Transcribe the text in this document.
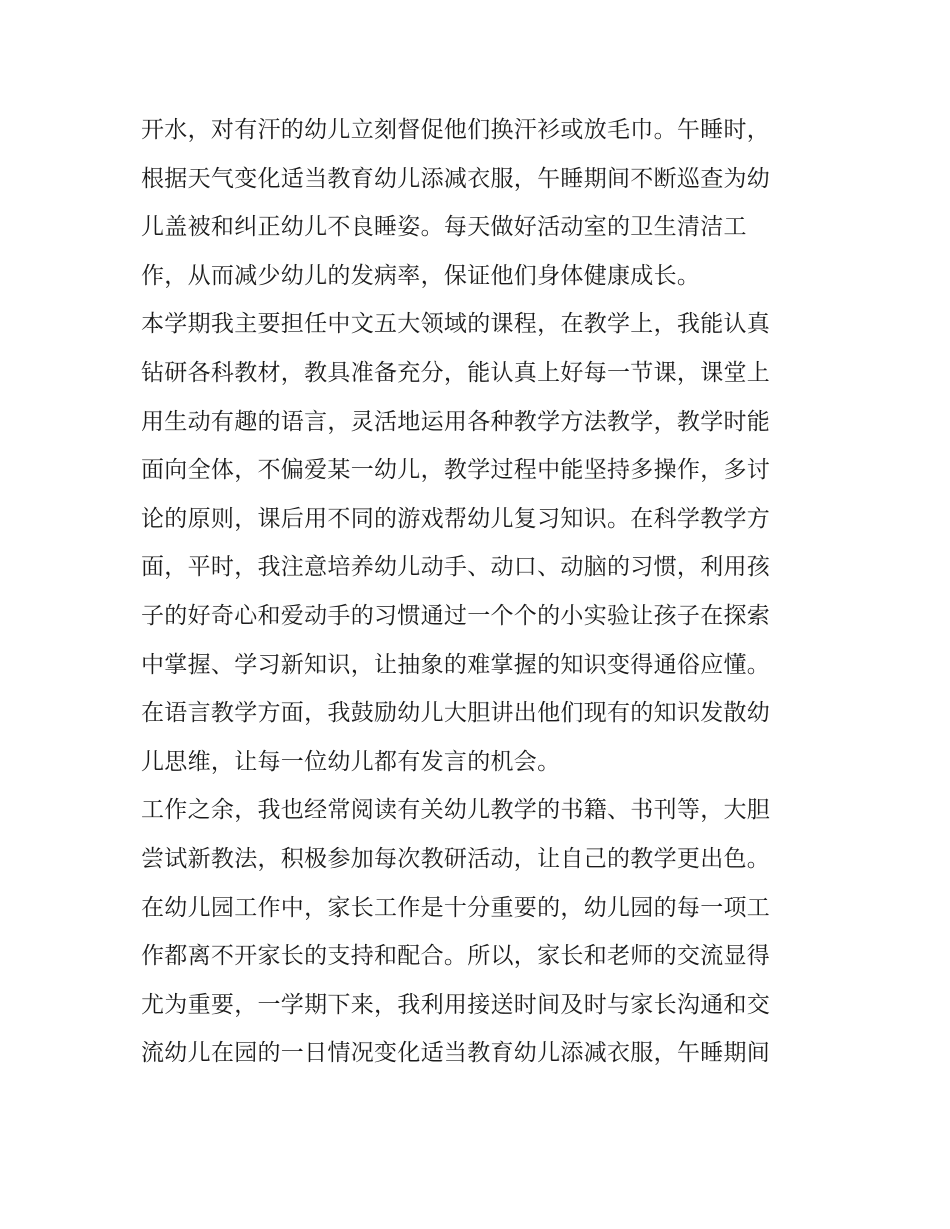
开水，对有汗的幼儿立刻督促他们换汗衫或放毛巾。午睡时，
根据天气变化适当教育幼儿添减衣服，午睡期间不断巡查为幼
儿盖被和纠正幼儿不良睡姿。每天做好活动室的卫生清洁工
作，从而减少幼儿的发病率，保证他们身体健康成长。
本学期我主要担任中文五大领域的课程，在教学上，我能认真
钻研各科教材，教具准备充分，能认真上好每一节课，课堂上
用生动有趣的语言，灵活地运用各种教学方法教学，教学时能
面向全体，不偏爱某一幼儿，教学过程中能坚持多操作，多讨
论的原则，课后用不同的游戏帮幼儿复习知识。在科学教学方
面，平时，我注意培养幼儿动手、动口、动脑的习惯，利用孩
子的好奇心和爱动手的习惯通过一个个的小实验让孩子在探索
中掌握、学习新知识，让抽象的难掌握的知识变得通俗应懂。
在语言教学方面，我鼓励幼儿大胆讲出他们现有的知识发散幼
儿思维，让每一位幼儿都有发言的机会。
工作之余，我也经常阅读有关幼儿教学的书籍、书刊等，大胆
尝试新教法，积极参加每次教研活动，让自己的教学更出色。
在幼儿园工作中，家长工作是十分重要的，幼儿园的每一项工
作都离不开家长的支持和配合。所以，家长和老师的交流显得
尤为重要，一学期下来，我利用接送时间及时与家长沟通和交
流幼儿在园的一日情况变化适当教育幼儿添减衣服，午睡期间
